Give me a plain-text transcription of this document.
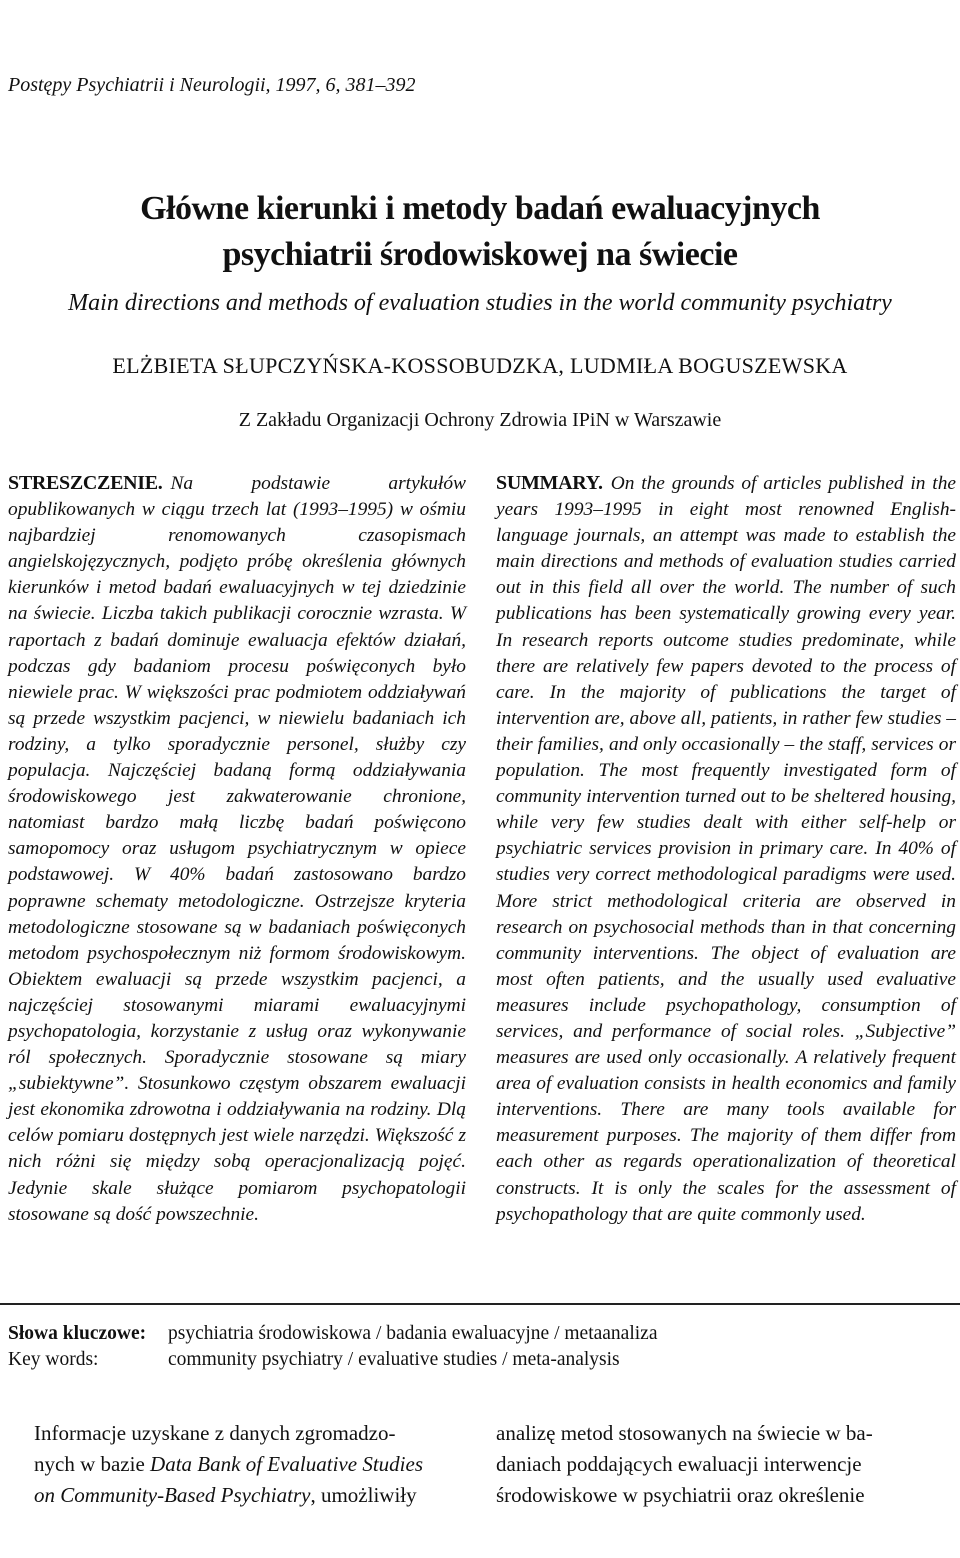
Postępy Psychiatrii i Neurologii, 1997, 6, 381–392
Główne kierunki i metody badań ewaluacyjnych
psychiatrii środowiskowej na świecie
Main directions and methods of evaluation studies in the world community psychiatry
ELŻBIETA SŁUPCZYŃSKA-KOSSOBUDZKA, LUDMIŁA BOGUSZEWSKA
Z Zakładu Organizacji Ochrony Zdrowia IPiN w Warszawie
STRESZCZENIE. Na podstawie artykułów opublikowanych w ciągu trzech lat (1993–1995) w ośmiu najbardziej renomowanych czasopismach angielskojęzycznych, podjęto próbę określenia głównych kierunków i metod badań ewaluacyjnych w tej dziedzinie na świecie. Liczba takich publikacji corocznie wzrasta. W raportach z badań dominuje ewaluacja efektów działań, podczas gdy badaniom procesu poświęconych było niewiele prac. W większości prac podmiotem oddziaływań są przede wszystkim pacjenci, w niewielu badaniach ich rodziny, a tylko sporadycznie personel, służby czy populacja. Najczęściej badaną formą oddziaływania środowiskowego jest zakwaterowanie chronione, natomiast bardzo małą liczbę badań poświęcono samopomocy oraz usługom psychiatrycznym w opiece podstawowej. W 40% badań zastosowano bardzo poprawne schematy metodologiczne. Ostrzejsze kryteria metodologiczne stosowane są w badaniach poświęconych metodom psychospołecznym niż formom środowiskowym. Obiektem ewaluacji są przede wszystkim pacjenci, a najczęściej stosowanymi miarami ewaluacyjnymi psychopatologia, korzystanie z usług oraz wykonywanie ról społecznych. Sporadycznie stosowane są miary „subiektywne”. Stosunkowo częstym obszarem ewaluacji jest ekonomika zdrowotna i oddziaływania na rodziny. Dlą celów pomiaru dostępnych jest wiele narzędzi. Większość z nich różni się między sobą operacjonalizacją pojęć. Jedynie skale służące pomiarom psychopatologii stosowane są dość powszechnie.
SUMMARY. On the grounds of articles published in the years 1993–1995 in eight most renowned English-language journals, an attempt was made to establish the main directions and methods of evaluation studies carried out in this field all over the world. The number of such publications has been systematically growing every year. In research reports outcome studies predominate, while there are relatively few papers devoted to the process of care. In the majority of publications the target of intervention are, above all, patients, in rather few studies – their families, and only occasionally – the staff, services or population. The most frequently investigated form of community intervention turned out to be sheltered housing, while very few studies dealt with either self-help or psychiatric services provision in primary care. In 40% of studies very correct methodological paradigms were used. More strict methodological criteria are observed in research on psychosocial methods than in that concerning community interventions. The object of evaluation are most often patients, and the usually used evaluative measures include psychopathology, consumption of services, and performance of social roles. „Subjective” measures are used only occasionally. A relatively frequent area of evaluation consists in health economics and family interventions. There are many tools available for measurement purposes. The majority of them differ from each other as regards operationalization of theoretical constructs. It is only the scales for the assessment of psychopathology that are quite commonly used.
Słowa kluczowe: psychiatria środowiskowa / badania ewaluacyjne / metaanaliza
Key words:	community psychiatry / evaluative studies / meta-analysis
Informacje uzyskane z danych zgromadzo-
nych w bazie Data Bank of Evaluative Studies
on Community-Based Psychiatry, umożliwiły
analizę metod stosowanych na świecie w ba-
daniach poddających ewaluacji interwencje
środowiskowe w psychiatrii oraz określenie
